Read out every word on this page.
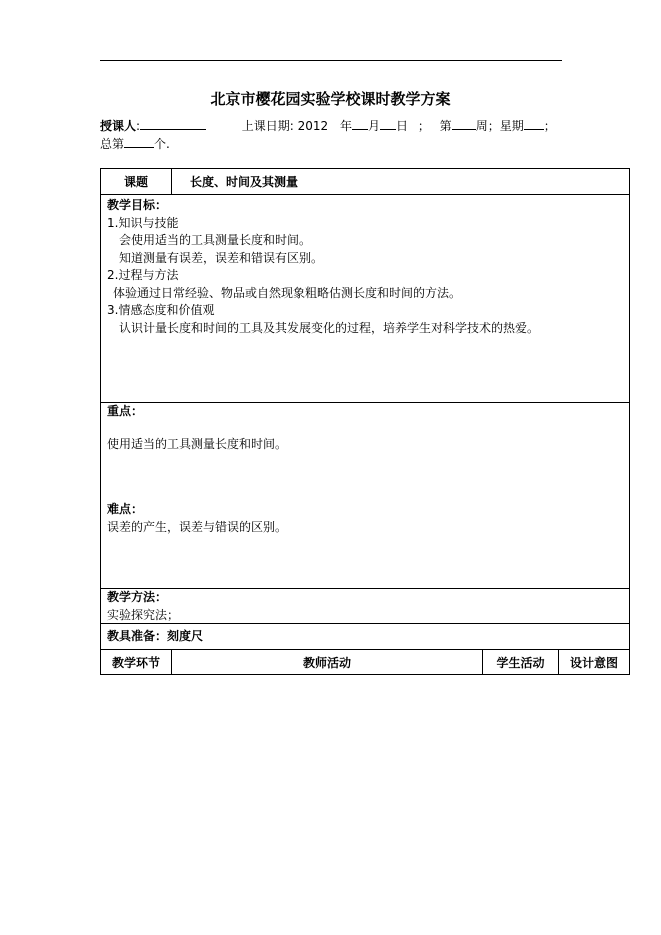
北京市樱花园实验学校课时教学方案
授课人:	上课日期: 2012 年 月 日 ； 第 周；星期 ；
总第	个.
课题	长度、时间及其测量
教学目标：
1.知识与技能
会使用适当的工具测量长度和时间。
知道测量有误差，误差和错误有区别。
2.过程与方法
体验通过日常经验、物品或自然现象粗略估测长度和时间的方法。
3.情感态度和价值观
认识计量长度和时间的工具及其发展变化的过程，培养学生对科学技术的热爱。
重点：
使用适当的工具测量长度和时间。
难点：
误差的产生，误差与错误的区别。
教学方法：
实验探究法；
教具准备：刻度尺
教学环节	教师活动	学生活动	设计意图
